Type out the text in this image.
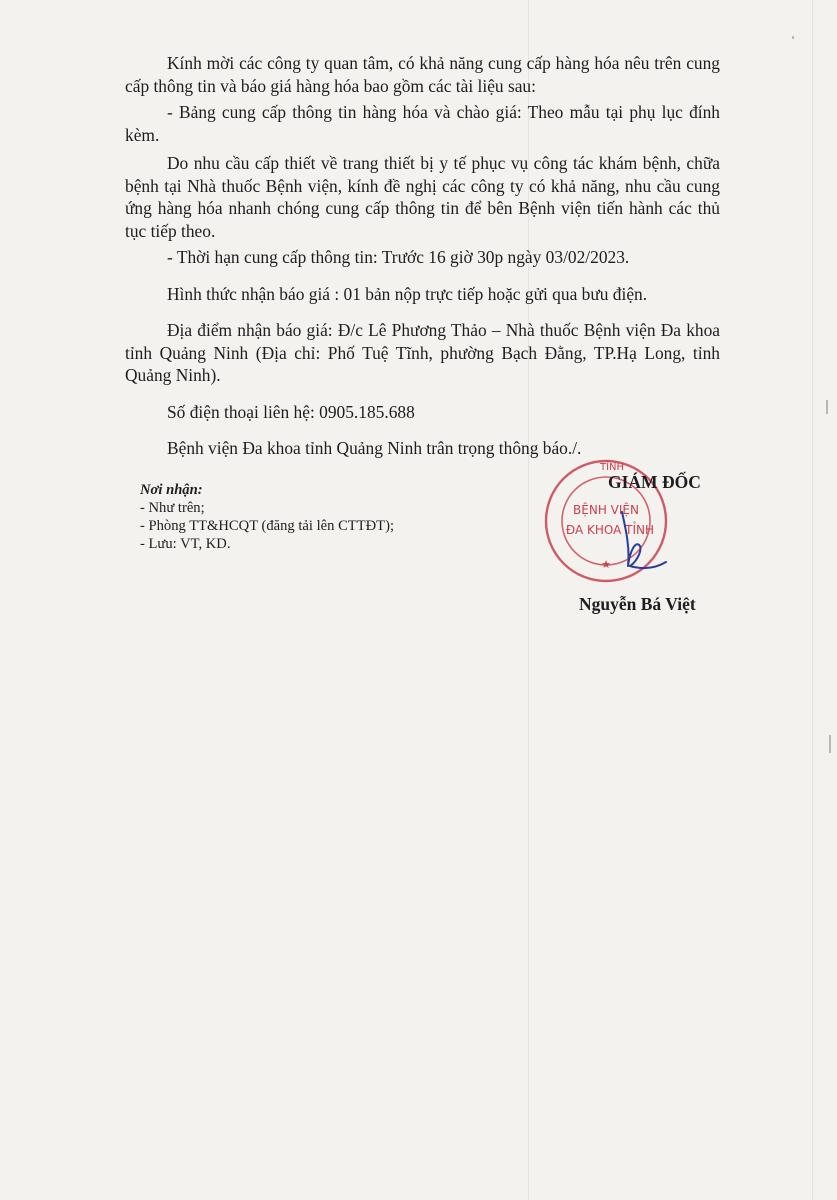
Kính mời các công ty quan tâm, có khả năng cung cấp hàng hóa nêu trên cung cấp thông tin và báo giá hàng hóa bao gồm các tài liệu sau:

- Bảng cung cấp thông tin hàng hóa và chào giá: Theo mẫu tại phụ lục đính kèm.

Do nhu cầu cấp thiết về trang thiết bị y tế phục vụ công tác khám bệnh, chữa bệnh tại Nhà thuốc Bệnh viện, kính đề nghị các công ty có khả năng, nhu cầu cung ứng hàng hóa nhanh chóng cung cấp thông tin để bên Bệnh viện tiến hành các thủ tục tiếp theo.

- Thời hạn cung cấp thông tin: Trước 16 giờ 30p ngày 03/02/2023.

Hình thức nhận báo giá : 01 bản nộp trực tiếp hoặc gửi qua bưu điện.

Địa điểm nhận báo giá: Đ/c Lê Phương Thảo – Nhà thuốc Bệnh viện Đa khoa tỉnh Quảng Ninh (Địa chỉ: Phố Tuệ Tĩnh, phường Bạch Đằng, TP.Hạ Long, tỉnh Quảng Ninh).

Số điện thoại liên hệ: 0905.185.688

Bệnh viện Đa khoa tỉnh Quảng Ninh trân trọng thông báo./.

Nơi nhận:
- Như trên;
- Phòng TT&HCQT (đăng tải lên CTTĐT);
- Lưu: VT, KD.
TỈNH
★
BỆNH VIỆN
ĐA KHOA TỈNH
GIÁM ĐỐC
Nguyễn Bá Việt
